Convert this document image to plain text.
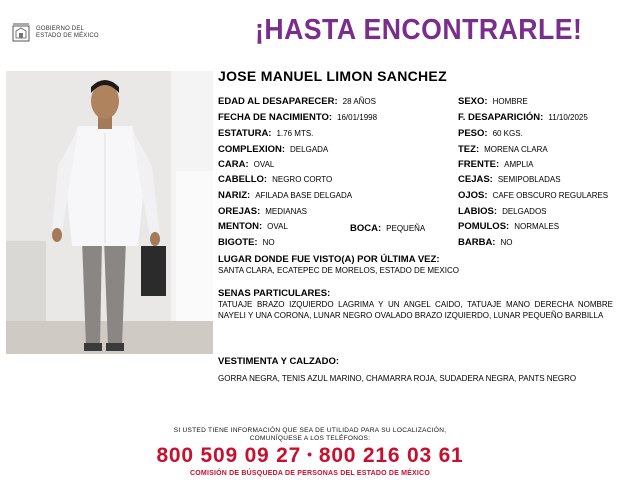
GOBIERNO DEL
ESTADO DE MÉXICO	¡HASTA ENCONTRARLE!
JOSE MANUEL LIMON SANCHEZ
EDAD AL DESAPARECER: 28 AÑOS
FECHA DE NACIMIENTO: 16/01/1998
ESTATURA: 1.76 MTS.
COMPLEXION: DELGADA
CARA: OVAL
CABELLO: NEGRO CORTO
NARIZ: AFILADA BASE DELGADA
OREJAS: MEDIANAS
MENTON: OVAL
BIGOTE: NO
BOCA: PEQUEÑA
SEXO: HOMBRE
F. DESAPARICIÓN: 11/10/2025
PESO: 60 KGS.
TEZ: MORENA CLARA
FRENTE: AMPLIA
CEJAS: SEMIPOBLADAS
OJOS: CAFE OBSCURO REGULARES
LABIOS: DELGADOS
POMULOS: NORMALES
BARBA: NO
LUGAR DONDE FUE VISTO(A) POR ÚLTIMA VEZ:
SANTA CLARA, ECATEPEC DE MORELOS, ESTADO DE MEXICO
SENAS PARTICULARES:
TATUAJE BRAZO IZQUIERDO LAGRIMA Y UN ANGEL CAIDO, TATUAJE MANO DERECHA NOMBRE NAYELI Y UNA CORONA, LUNAR NEGRO OVALADO BRAZO IZQUIERDO, LUNAR PEQUEÑO BARBILLA
VESTIMENTA Y CALZADO:
GORRA NEGRA, TENIS AZUL MARINO, CHAMARRA ROJA, SUDADERA NEGRA, PANTS NEGRO
SI USTED TIENE INFORMACIÓN QUE SEA DE UTILIDAD PARA SU LOCALIZACIÓN,
COMUNÍQUESE A LOS TELÉFONOS:
800 509 09 27 • 800 216 03 61
COMISIÓN DE BÚSQUEDA DE PERSONAS DEL ESTADO DE MÉXICO
